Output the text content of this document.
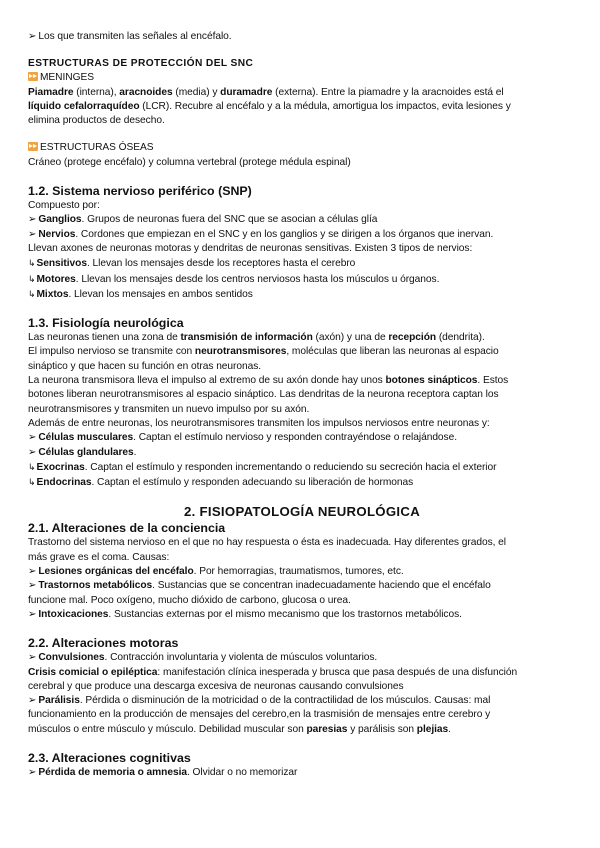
➢ Los que transmiten las señales al encéfalo.

ESTRUCTURAS DE PROTECCIÓN DEL SNC

MENINGES

Piamadre (interna), aracnoides (media) y duramadre (externa). Entre la piamadre y la aracnoides está el

líquido cefalorraquídeo (LCR). Recubre al encéfalo y a la médula, amortigua los impactos, evita lesiones y

elimina productos de desecho.

ESTRUCTURAS ÓSEAS

Cráneo (protege encéfalo) y columna vertebral (protege médula espinal)

1.2. Sistema nervioso periférico (SNP)

Compuesto por:

➢ Ganglios. Grupos de neuronas fuera del SNC que se asocian a células glía

➢ Nervios. Cordones que empiezan en el SNC y en los ganglios y se dirigen a los órganos que inervan.

Llevan axones de neuronas motoras y dendritas de neuronas sensitivas. Existen 3 tipos de nervios:

↳Sensitivos. Llevan los mensajes desde los receptores hasta el cerebro

↳Motores. Llevan los mensajes desde los centros nerviosos hasta los músculos u órganos.

↳Mixtos. Llevan los mensajes en ambos sentidos

1.3. Fisiología neurológica

Las neuronas tienen una zona de transmisión de información (axón) y una de recepción (dendrita).

El impulso nervioso se transmite con neurotransmisores, moléculas que liberan las neuronas al espacio

sináptico y que hacen su función en otras neuronas.

La neurona transmisora lleva el impulso al extremo de su axón donde hay unos botones sinápticos. Estos

botones liberan neurotransmisores al espacio sináptico. Las dendritas de la neurona receptora captan los

neurotransmisores y transmiten un nuevo impulso por su axón.

Además de entre neuronas, los neurotransmisores transmiten los impulsos nerviosos entre neuronas y:

➢ Células musculares. Captan el estímulo nervioso y responden contrayéndose o relajándose.

➢ Células glandulares.

↳Exocrinas. Captan el estímulo y responden incrementando o reduciendo su secreción hacia el exterior

↳Endocrinas. Captan el estímulo y responden adecuando su liberación de hormonas

2. FISIOPATOLOGÍA NEUROLÓGICA

2.1. Alteraciones de la conciencia

Trastorno del sistema nervioso en el que no hay respuesta o ésta es inadecuada. Hay diferentes grados, el

más grave es el coma. Causas:

➢ Lesiones orgánicas del encéfalo. Por hemorragias, traumatismos, tumores, etc.

➢ Trastornos metabólicos. Sustancias que se concentran inadecuadamente haciendo que el encéfalo

funcione mal. Poco oxígeno, mucho dióxido de carbono, glucosa o urea.

➢ Intoxicaciones. Sustancias externas por el mismo mecanismo que los trastornos metabólicos.

2.2. Alteraciones motoras

➢ Convulsiones. Contracción involuntaria y violenta de músculos voluntarios.

Crisis comicial o epiléptica: manifestación clínica inesperada y brusca que pasa después de una disfunción

cerebral y que produce una descarga excesiva de neuronas causando convulsiones

➢ Parálisis. Pérdida o disminución de la motricidad o de la contractilidad de los músculos. Causas: mal

funcionamiento en la producción de mensajes del cerebro,en la trasmisión de mensajes entre cerebro y

músculos o entre músculo y músculo. Debilidad muscular son paresias y parálisis son plejias.

2.3. Alteraciones cognitivas

➢ Pérdida de memoria o amnesia. Olvidar o no memorizar
